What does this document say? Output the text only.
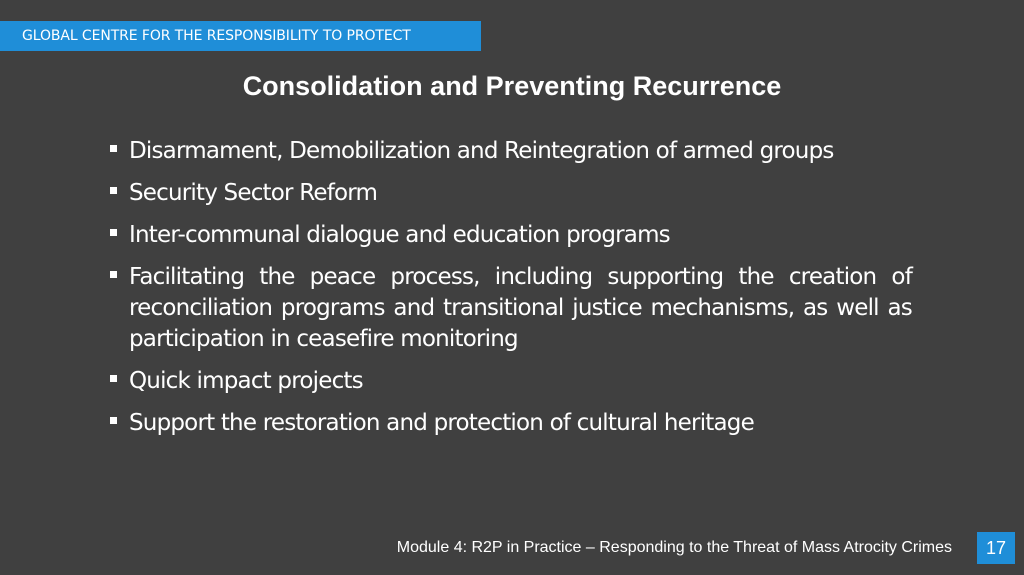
GLOBAL CENTRE FOR THE RESPONSIBILITY TO PROTECT
Consolidation and Preventing Recurrence
Disarmament, Demobilization and Reintegration of armed groups
Security Sector Reform
Inter-communal dialogue and education programs
Facilitating the peace process, including supporting the creation of reconciliation programs and transitional justice mechanisms, as well as participation in ceasefire monitoring
Quick impact projects
Support the restoration and protection of cultural heritage
Module 4: R2P in Practice – Responding to the Threat of Mass Atrocity Crimes 17
